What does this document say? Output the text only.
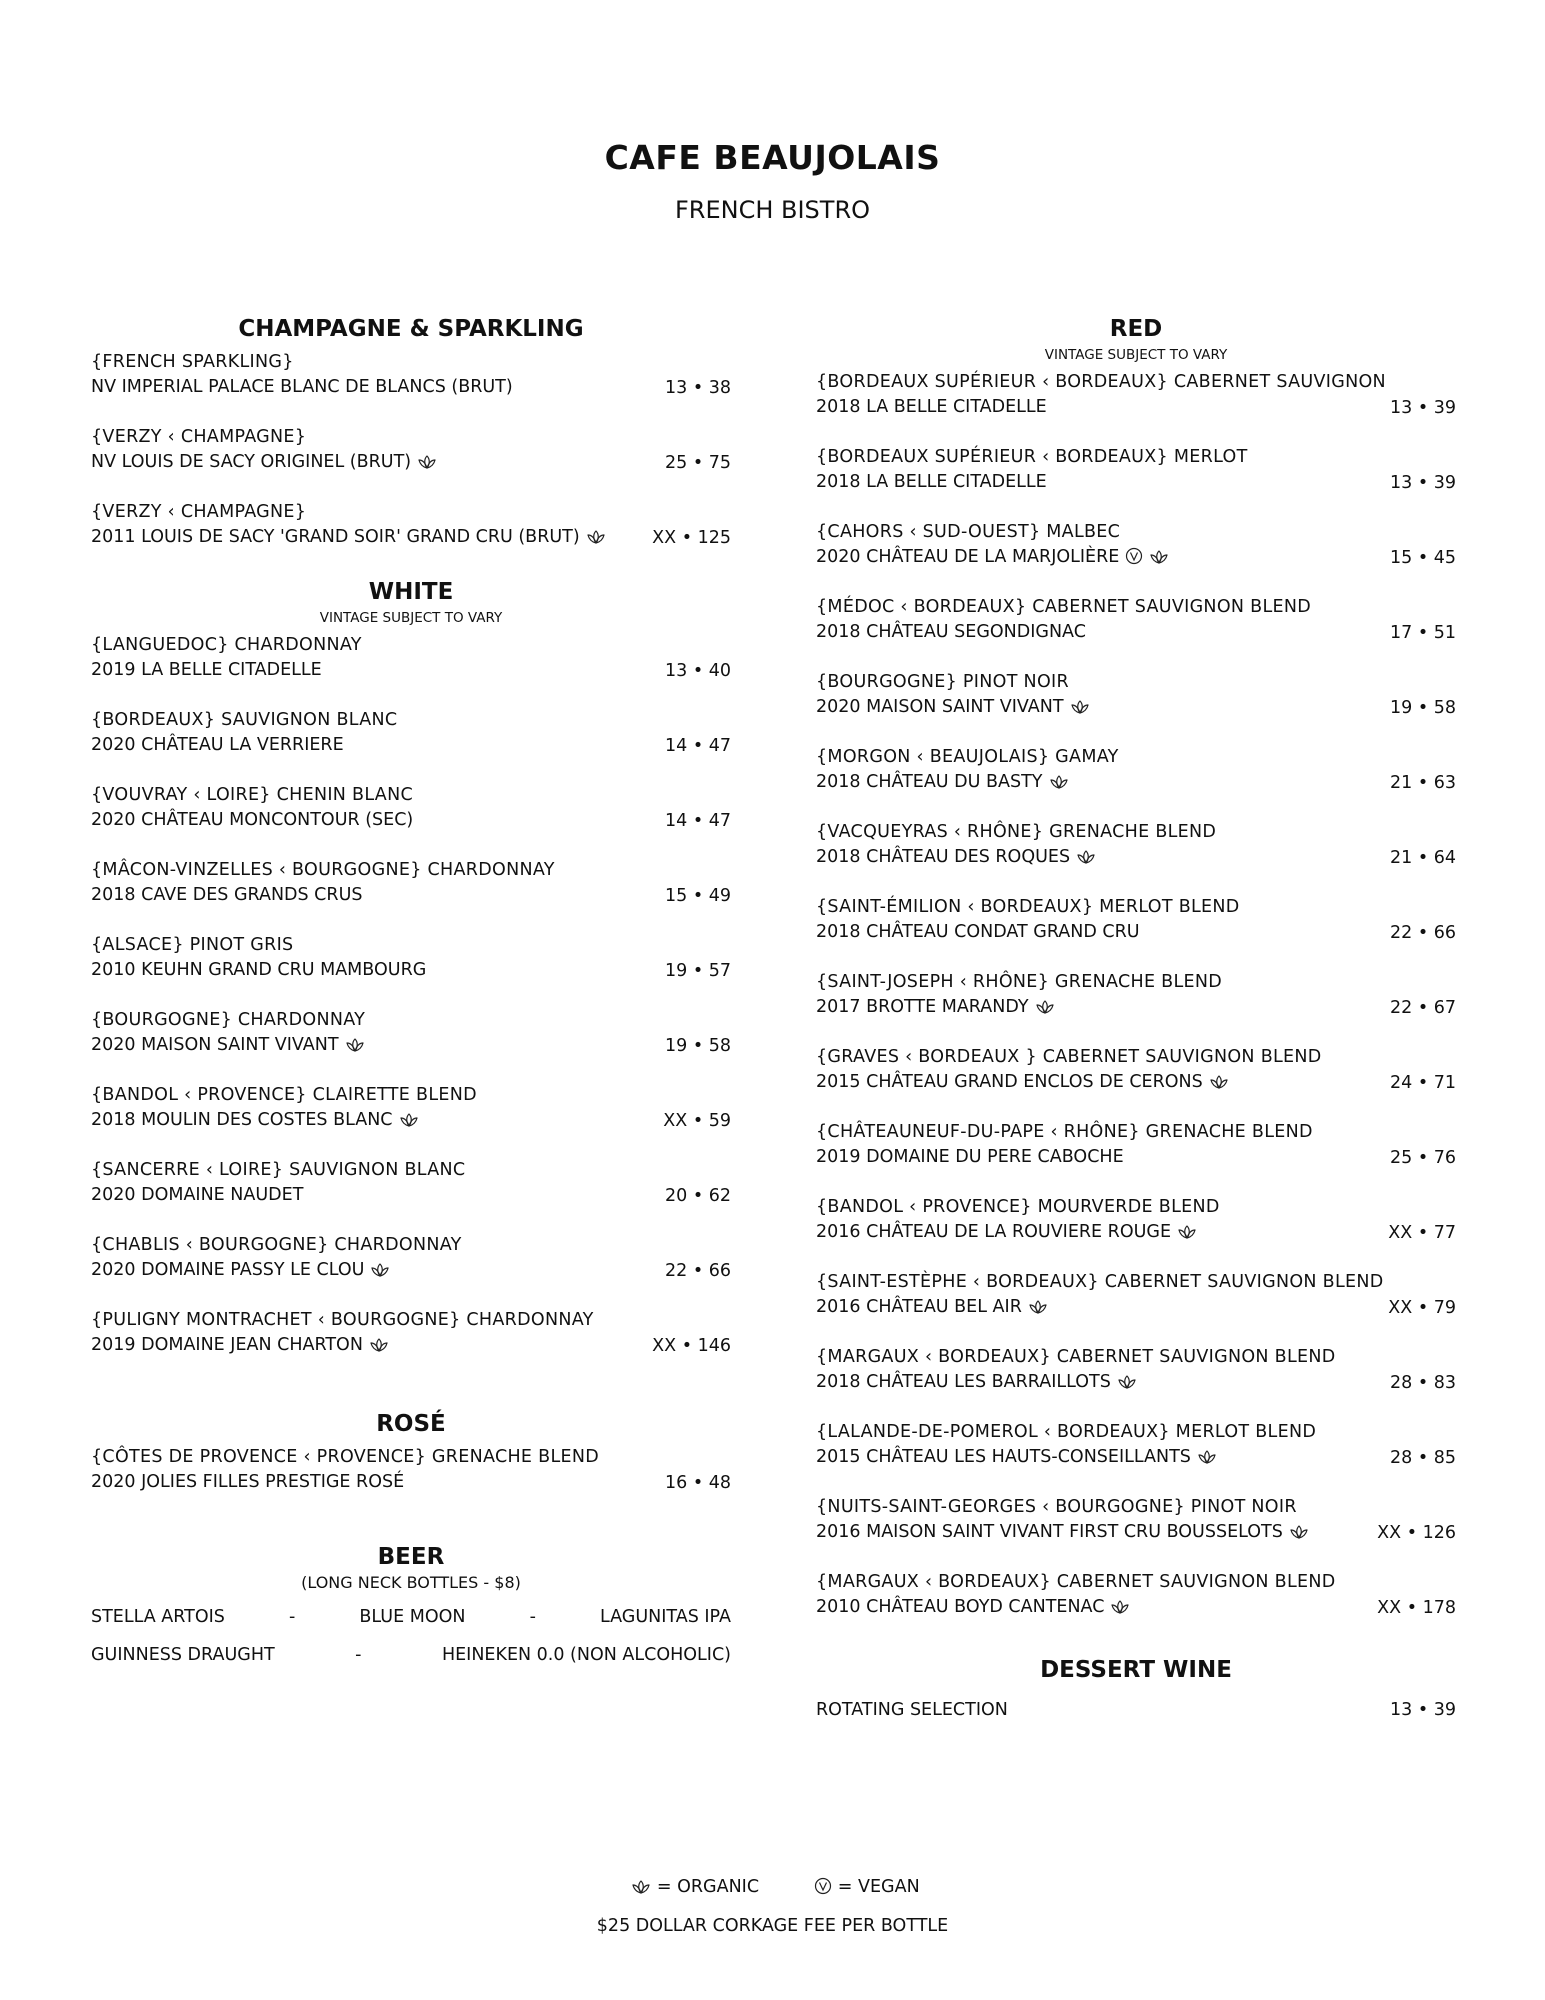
CAFE BEAUJOLAIS
FRENCH BISTRO
CHAMPAGNE & SPARKLING
{FRENCH SPARKLING}
NV IMPERIAL PALACE BLANC DE BLANCS (BRUT)	13 • 38
{VERZY ‹ CHAMPAGNE}
NV LOUIS DE SACY ORIGINEL (BRUT)	25 • 75
{VERZY ‹ CHAMPAGNE}
2011 LOUIS DE SACY 'GRAND SOIR' GRAND CRU (BRUT)	XX • 125
WHITE
VINTAGE SUBJECT TO VARY
{LANGUEDOC} CHARDONNAY
2019 LA BELLE CITADELLE	13 • 40
{BORDEAUX} SAUVIGNON BLANC
2020 CHÂTEAU LA VERRIERE	14 • 47
{VOUVRAY ‹ LOIRE} CHENIN BLANC
2020 CHÂTEAU MONCONTOUR (SEC)	14 • 47
{MÂCON-VINZELLES ‹ BOURGOGNE} CHARDONNAY
2018 CAVE DES GRANDS CRUS	15 • 49
{ALSACE} PINOT GRIS
2010 KEUHN GRAND CRU MAMBOURG	19 • 57
{BOURGOGNE} CHARDONNAY
2020 MAISON SAINT VIVANT	19 • 58
{BANDOL ‹ PROVENCE} CLAIRETTE BLEND
2018 MOULIN DES COSTES BLANC	XX • 59
{SANCERRE ‹ LOIRE} SAUVIGNON BLANC
2020 DOMAINE NAUDET	20 • 62
{CHABLIS ‹ BOURGOGNE} CHARDONNAY
2020 DOMAINE PASSY LE CLOU	22 • 66
{PULIGNY MONTRACHET ‹ BOURGOGNE} CHARDONNAY
2019 DOMAINE JEAN CHARTON	XX • 146
ROSÉ
{CÔTES DE PROVENCE ‹ PROVENCE} GRENACHE BLEND
2020 JOLIES FILLES PRESTIGE ROSÉ	16 • 48
BEER
(LONG NECK BOTTLES - $8)
STELLA ARTOIS	-	BLUE MOON	-	LAGUNITAS IPA
GUINNESS DRAUGHT	-	HEINEKEN 0.0 (NON ALCOHOLIC)
RED
VINTAGE SUBJECT TO VARY
{BORDEAUX SUPÉRIEUR ‹ BORDEAUX} CABERNET SAUVIGNON
2018 LA BELLE CITADELLE	13 • 39
{BORDEAUX SUPÉRIEUR ‹ BORDEAUX} MERLOT
2018 LA BELLE CITADELLE	13 • 39
{CAHORS ‹ SUD-OUEST} MALBEC
2020 CHÂTEAU DE LA MARJOLIÈRE	15 • 45
{MÉDOC ‹ BORDEAUX} CABERNET SAUVIGNON BLEND
2018 CHÂTEAU SEGONDIGNAC	17 • 51
{BOURGOGNE} PINOT NOIR
2020 MAISON SAINT VIVANT	19 • 58
{MORGON ‹ BEAUJOLAIS} GAMAY
2018 CHÂTEAU DU BASTY	21 • 63
{VACQUEYRAS ‹ RHÔNE} GRENACHE BLEND
2018 CHÂTEAU DES ROQUES	21 • 64
{SAINT-ÉMILION ‹ BORDEAUX} MERLOT BLEND
2018 CHÂTEAU CONDAT GRAND CRU	22 • 66
{SAINT-JOSEPH ‹ RHÔNE} GRENACHE BLEND
2017 BROTTE MARANDY	22 • 67
{GRAVES ‹ BORDEAUX } CABERNET SAUVIGNON BLEND
2015 CHÂTEAU GRAND ENCLOS DE CERONS	24 • 71
{CHÂTEAUNEUF-DU-PAPE ‹ RHÔNE} GRENACHE BLEND
2019 DOMAINE DU PERE CABOCHE	25 • 76
{BANDOL ‹ PROVENCE} MOURVERDE BLEND
2016 CHÂTEAU DE LA ROUVIERE ROUGE	XX • 77
{SAINT-ESTÈPHE ‹ BORDEAUX} CABERNET SAUVIGNON BLEND
2016 CHÂTEAU BEL AIR	XX • 79
{MARGAUX ‹ BORDEAUX} CABERNET SAUVIGNON BLEND
2018 CHÂTEAU LES BARRAILLOTS	28 • 83
{LALANDE-DE-POMEROL ‹ BORDEAUX} MERLOT BLEND
2015 CHÂTEAU LES HAUTS-CONSEILLANTS	28 • 85
{NUITS-SAINT-GEORGES ‹ BOURGOGNE} PINOT NOIR
2016 MAISON SAINT VIVANT FIRST CRU BOUSSELOTS	XX • 126
{MARGAUX ‹ BORDEAUX} CABERNET SAUVIGNON BLEND
2010 CHÂTEAU BOYD CANTENAC	XX • 178
DESSERT WINE
ROTATING SELECTION	13 • 39
= ORGANIC	= VEGAN
$25 DOLLAR CORKAGE FEE PER BOTTLE
